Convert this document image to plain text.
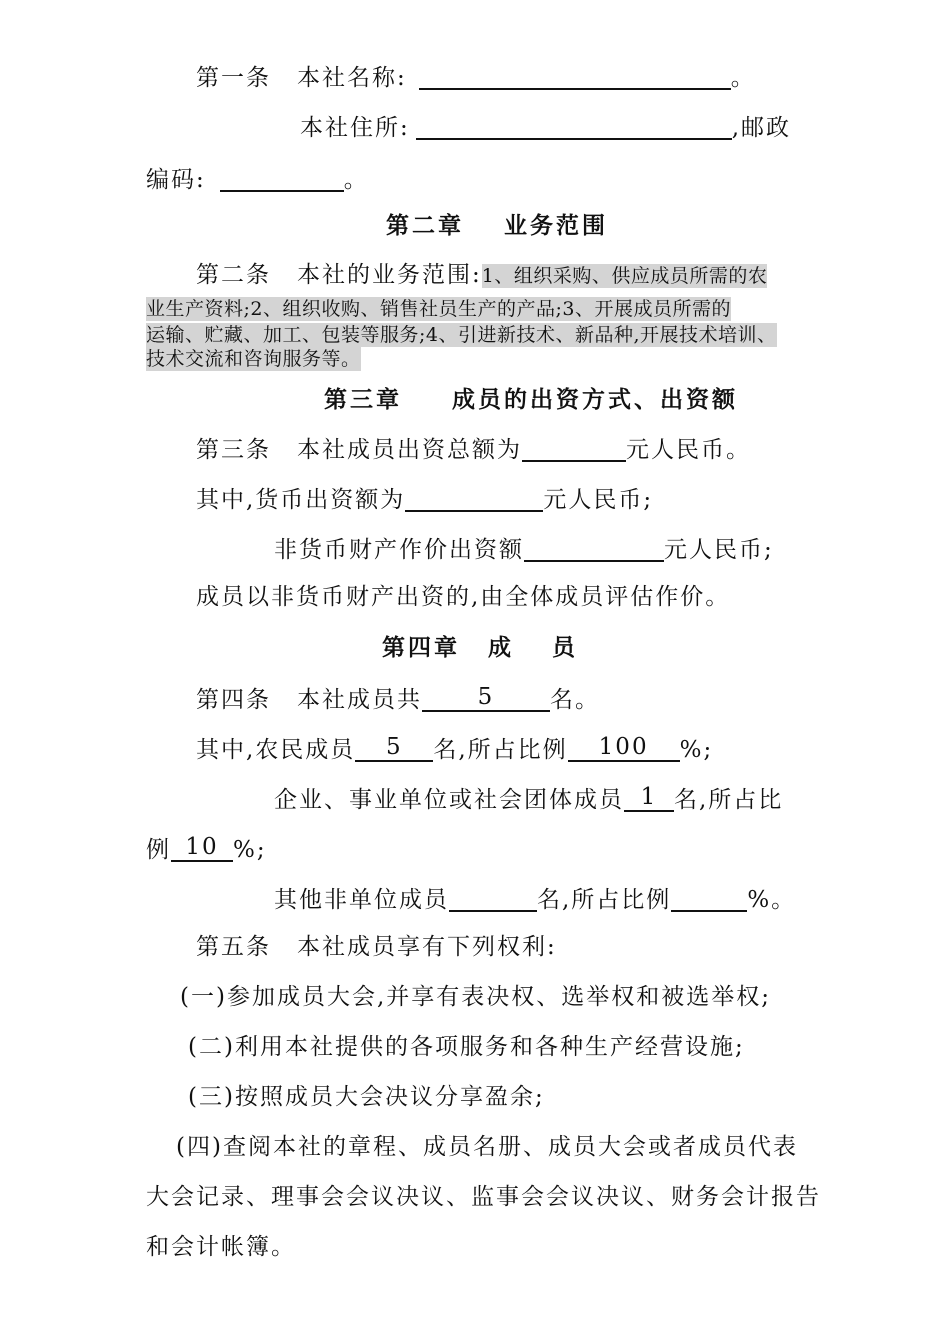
第一条 本社名称:	。
本社住所:	,邮政
编码:	。
第二章 业务范围
第二条 本社的业务范围:1、组织采购、供应成员所需的农
业生产资料;2、组织收购、销售社员生产的产品;3、开展成员所需的
运输、贮藏、加工、包装等服务;4、引进新技术、新品种,开展技术培训、
技术交流和咨询服务等。
第三章 成员的出资方式、出资额
第三条 本社成员出资总额为	元人民币。
其中,货币出资额为	元人民币;
非货币财产作价出资额	元人民币;
成员以非货币财产出资的,由全体成员评估作价。
第四章 成 员
第四条 本社成员共 5 名。
其中,农民成员 5 名,所占比例 100 %;
企业、事业单位或社会团体成员 1 名,所占比
例 10 %;
其他非单位成员	名,所占比例	%。
第五条 本社成员享有下列权利:
(一)参加成员大会,并享有表决权、选举权和被选举权;
(二)利用本社提供的各项服务和各种生产经营设施;
(三)按照成员大会决议分享盈余;
(四)查阅本社的章程、成员名册、成员大会或者成员代表
大会记录、理事会会议决议、监事会会议决议、财务会计报告
和会计帐簿。
